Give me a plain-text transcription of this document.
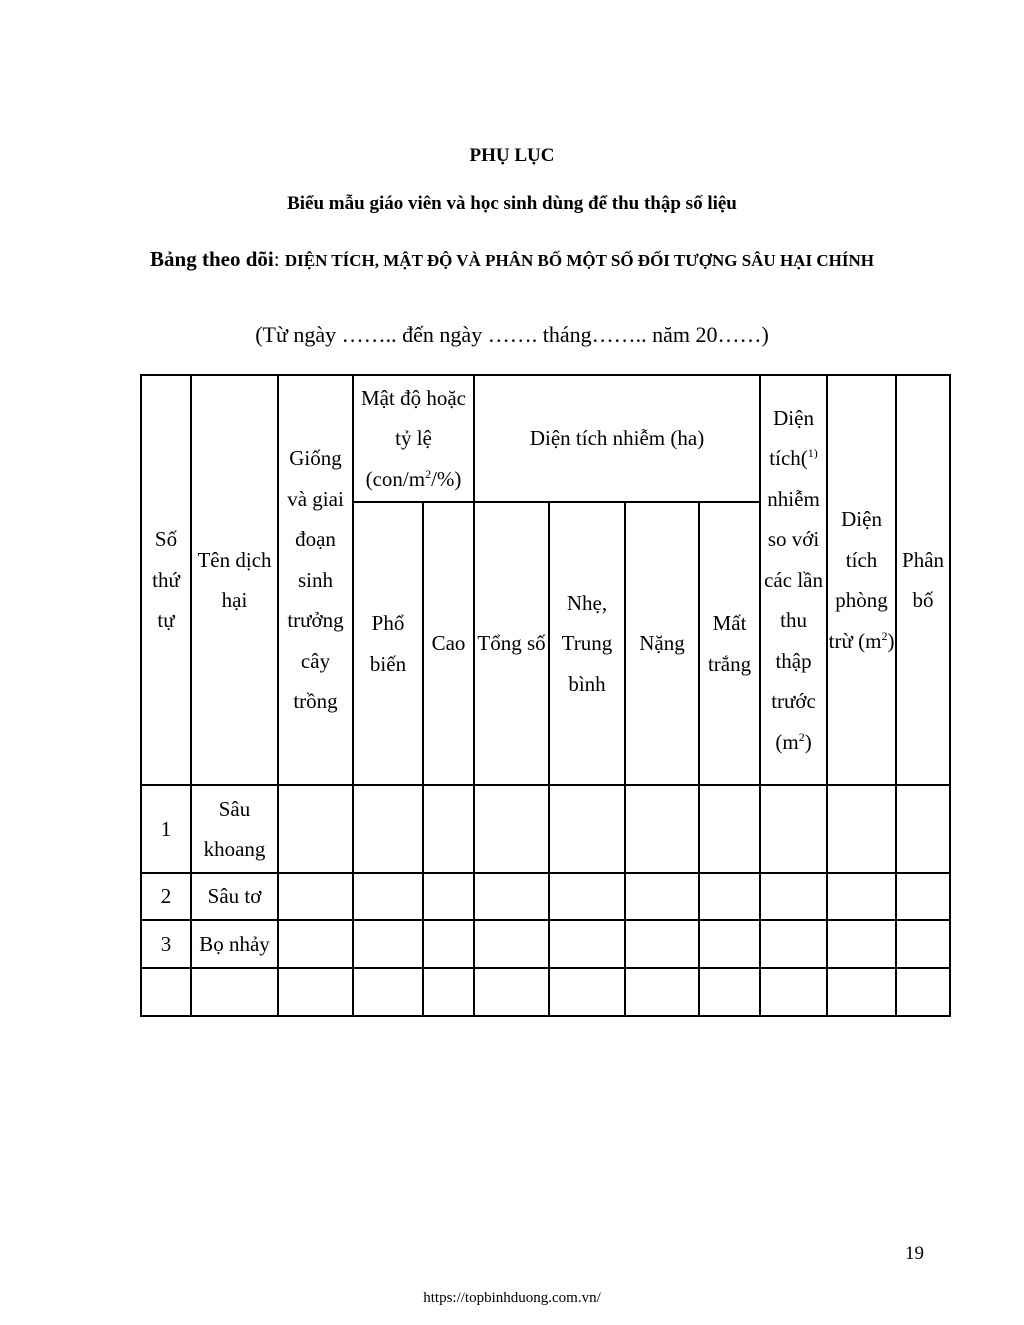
PHỤ LỤC
Biểu mẫu giáo viên và học sinh dùng để thu thập số liệu
Bảng theo dõi: DIỆN TÍCH, MẬT ĐỘ VÀ PHÂN BỐ MỘT SỐ ĐỐI TƯỢNG SÂU HẠI CHÍNH
(Từ ngày …….. đến ngày ……. tháng…….. năm 20……)
Số thứ tự	Tên dịch hại	Giống và giai đoạn sinh trưởng cây trồng	Mật độ hoặc tỷ lệ $(con/m^2/\%)$		Diện tích nhiễm (ha)				Diện tích($^{1)}$ nhiễm so với các lần thu thập trước $(m^2)$	Diện tích phòng trừ $(m^2)$	Phân bố
			Phổ biến	Cao	Tổng số	Nhẹ, Trung bình	Nặng	Mất trắng			
1	Sâu khoang										
2	Sâu tơ										
3	Bọ nhảy										

19
https://topbinhduong.com.vn/
